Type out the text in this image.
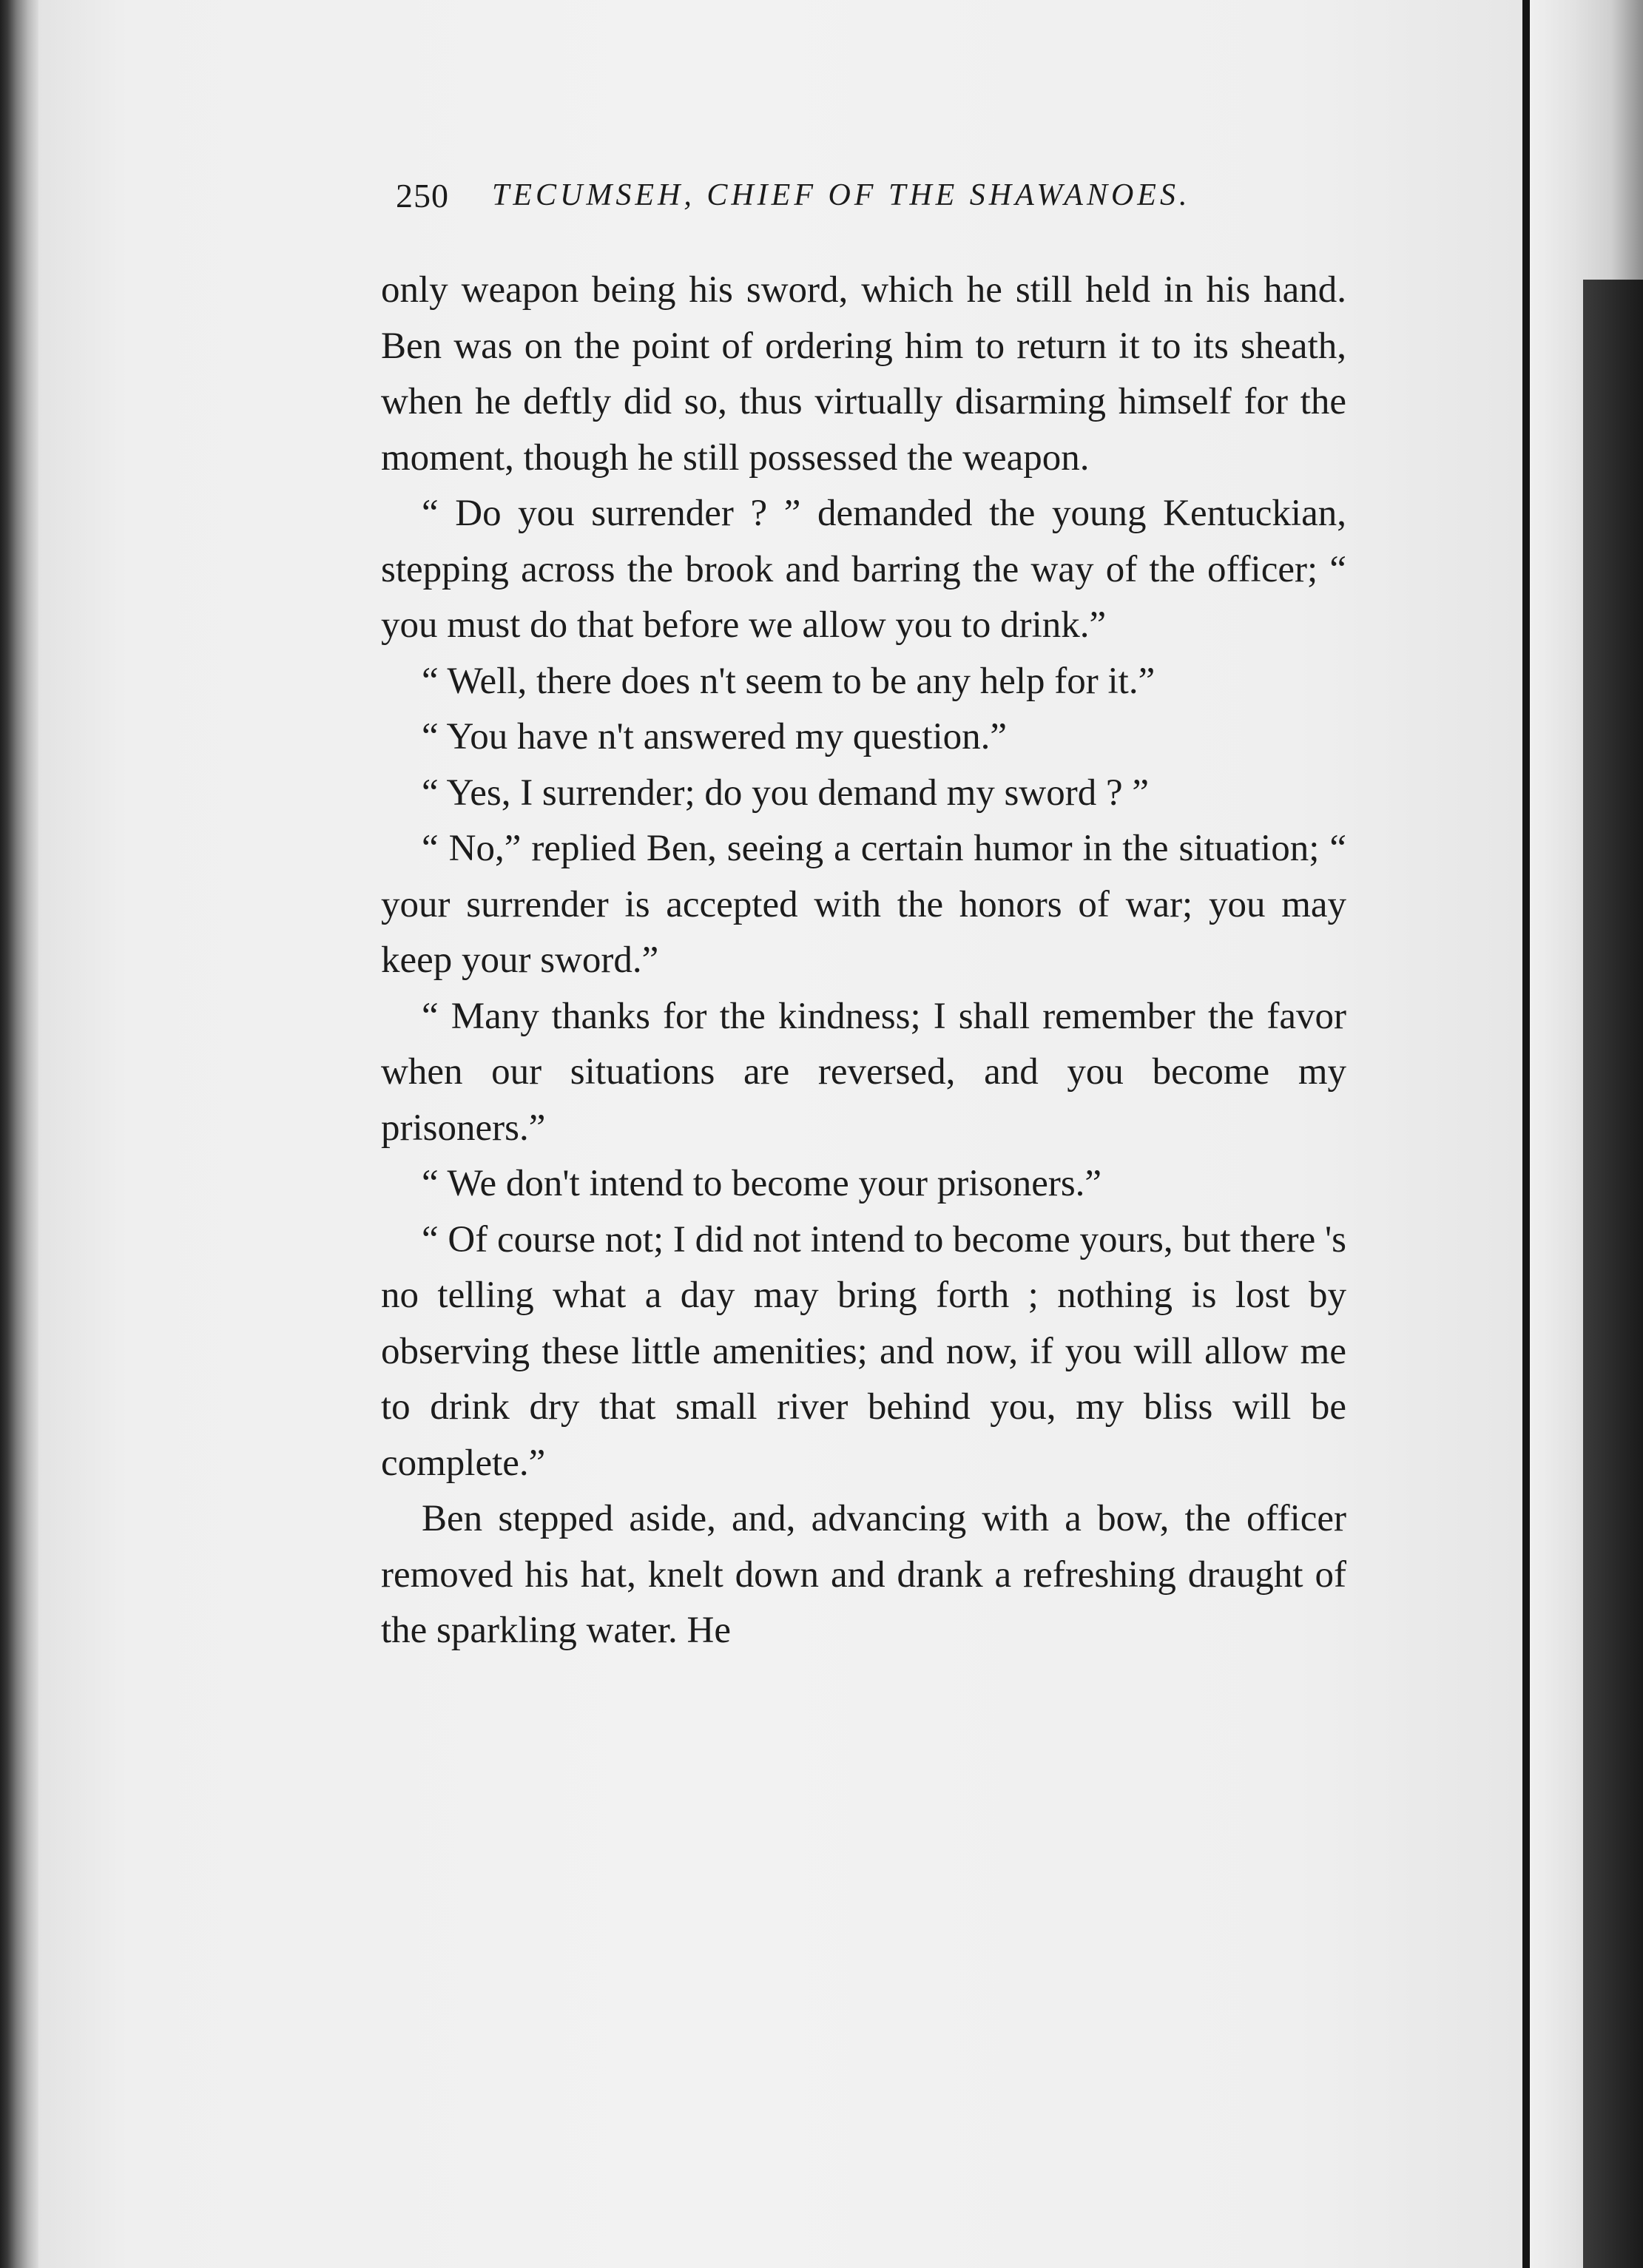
250 TECUMSEH, CHIEF OF THE SHAWANOES.

only weapon being his sword, which he still held in his hand. Ben was on the point of ordering him to return it to its sheath, when he deftly did so, thus virtually disarming himself for the moment, though he still possessed the weapon.

“ Do you surrender ? ” demanded the young Kentuckian, stepping across the brook and barring the way of the officer; “ you must do that before we allow you to drink.”

“ Well, there does n't seem to be any help for it.”

“ You have n't answered my question.”

“ Yes, I surrender; do you demand my sword ? ”

“ No,” replied Ben, seeing a certain humor in the situation; “ your surrender is accepted with the honors of war; you may keep your sword.”

“ Many thanks for the kindness; I shall remember the favor when our situations are reversed, and you become my prisoners.”

“ We don't intend to become your prisoners.”

“ Of course not; I did not intend to become yours, but there 's no telling what a day may bring forth ; nothing is lost by observing these little amenities; and now, if you will allow me to drink dry that small river behind you, my bliss will be complete.”

Ben stepped aside, and, advancing with a bow, the officer removed his hat, knelt down and drank a refreshing draught of the sparkling water. He
